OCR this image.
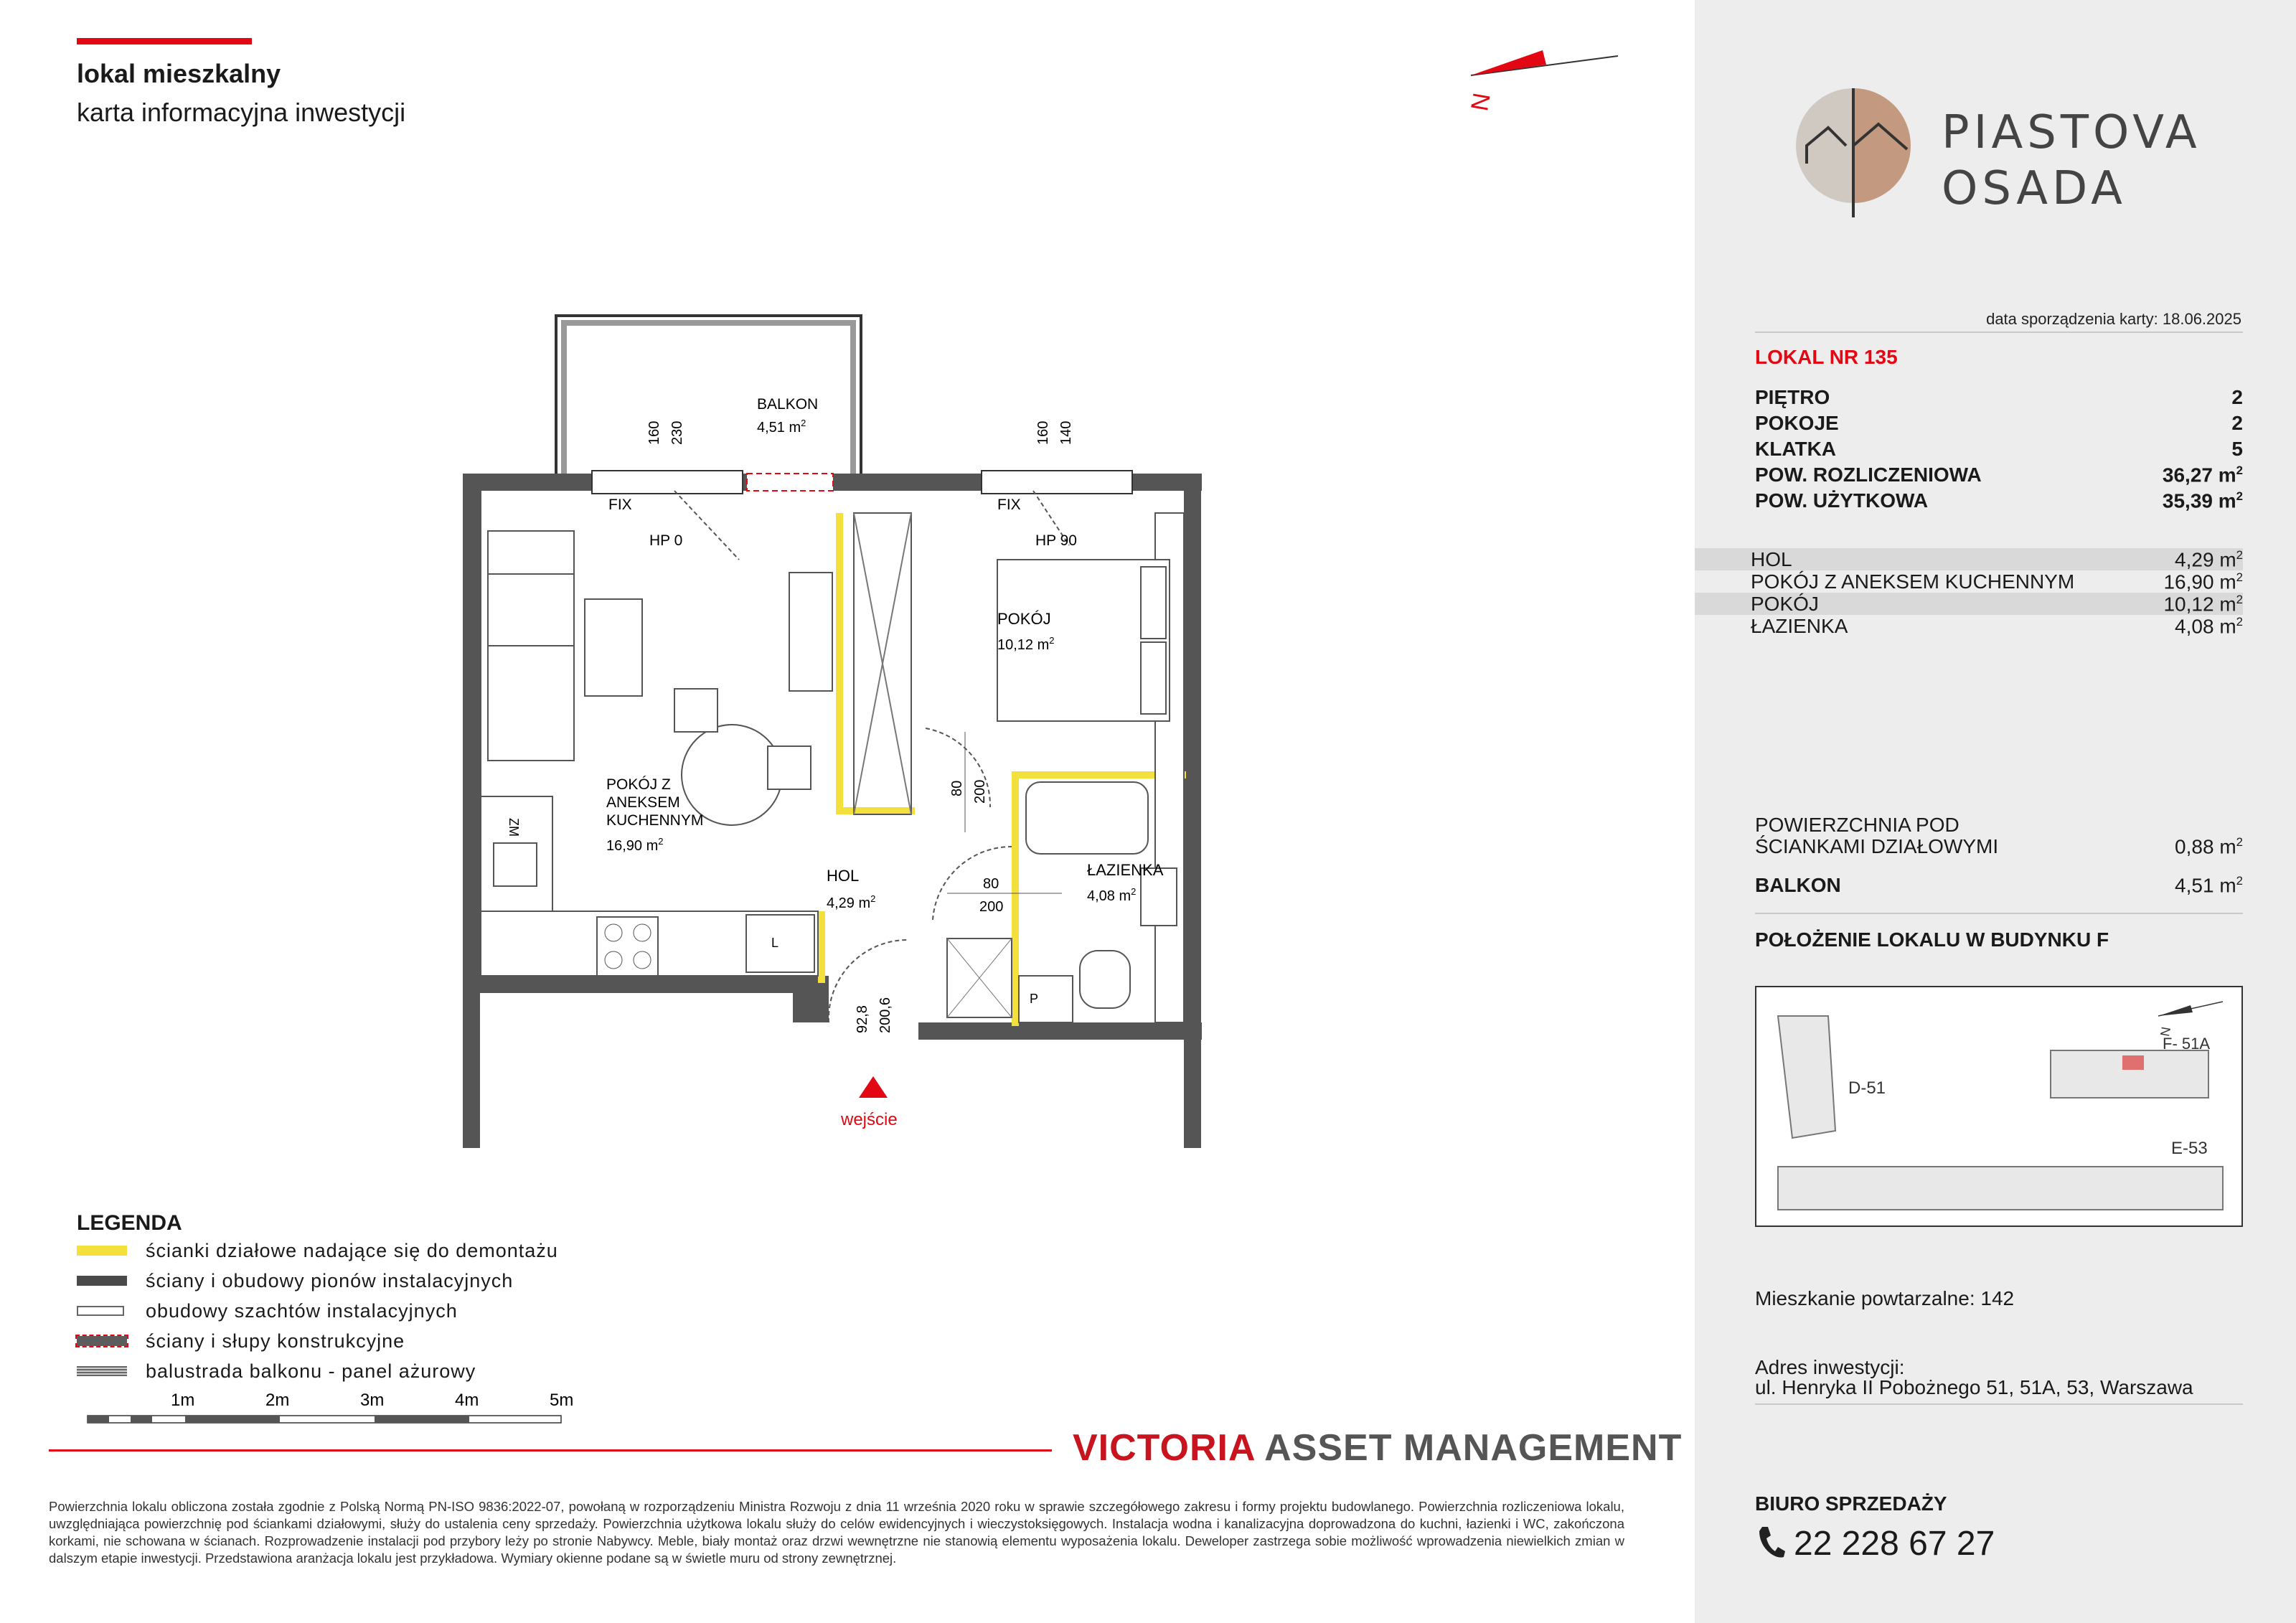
lokal mieszkalny
karta informacyjna inwestycji	N
BALKON
4,51 $m^2$
POKÓJ
10,12 $m^2$
POKÓJ Z
ANEKSEM
KUCHENNYM
16,90 $m^2$
HOL
4,29 $m^2$
ŁAZIENKA
4,08 $m^2$
FIX	FIX
HP 0	HP 90
160 230	160 140
80 200
80
200
92,8 200,6
ZM
L
P
wejście
LEGENDA
ścianki działowe nadające się do demontażu
ściany i obudowy pionów instalacyjnych
obudowy szachtów instalacyjnych
ściany i słupy konstrukcyjne
balustrada balkonu - panel ażurowy
1m	2m	3m	4m	5m
VICTORIA ASSET MANAGEMENT
Powierzchnia lokalu obliczona została zgodnie z Polską Normą PN-ISO 9836:2022-07, powołaną w rozporządzeniu Ministra Rozwoju z dnia 11 września 2020 roku w sprawie szczegółowego zakresu i formy projektu budowlanego. Powierzchnia rozliczeniowa lokalu, uwzględniająca powierzchnię pod ściankami działowymi, służy do ustalenia ceny sprzedaży. Powierzchnia użytkowa lokalu służy do celów ewidencyjnych i wieczystoksięgowych. Instalacja wodna i kanalizacyjna doprowadzona do kuchni, łazienki i WC, zakończona korkami, nie schowana w ścianach. Rozprowadzenie instalacji pod przybory leży po stronie Nabywcy. Meble, biały montaż oraz drzwi wewnętrzne nie stanowią elementu wyposażenia lokalu. Deweloper zastrzega sobie możliwość wprowadzenia niewielkich zmian w dalszym etapie inwestycji. Przedstawiona aranżacja lokalu jest przykładowa. Wymiary okienne podane są w świetle muru od strony zewnętrznej.
PIASTOVA
OSADA
data sporządzenia karty: 18.06.2025
LOKAL NR 135
PIĘTRO	2
POKOJE	2
KLATKA	5
POW. ROZLICZENIOWA	36,27 $m^2$
POW. UŻYTKOWA	35,39 $m^2$
HOL	4,29 $m^2$
POKÓJ Z ANEKSEM KUCHENNYM	16,90 $m^2$
POKÓJ	10,12 $m^2$
ŁAZIENKA	4,08 $m^2$
POWIERZCHNIA POD
ŚCIANKAMI DZIAŁOWYMI	0,88 $m^2$
BALKON	4,51 $m^2$
POŁOŻENIE LOKALU W BUDYNKU F
D-51
F- 51A
E-53
N
Mieszkanie powtarzalne: 142
Adres inwestycji:
ul. Henryka II Pobożnego 51, 51A, 53, Warszawa
BIURO SPRZEDAŻY
22 228 67 27
